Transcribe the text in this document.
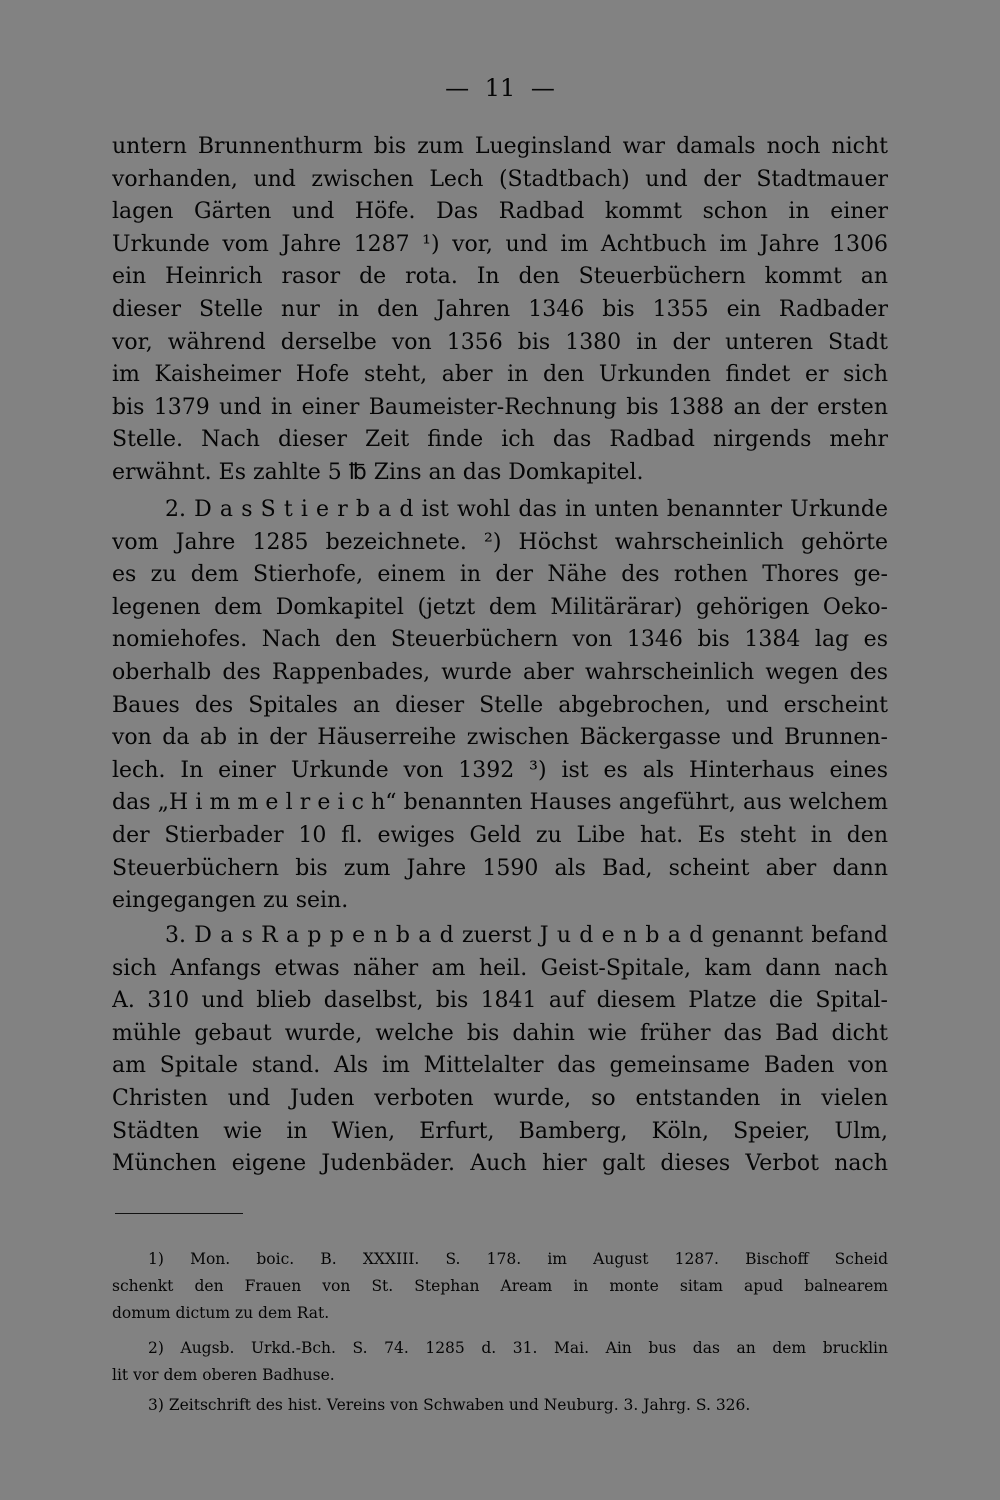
— 11 —
untern Brunnenthurm bis zum Lueginsland war damals noch nicht
vorhanden, und zwischen Lech (Stadtbach) und der Stadtmauer
lagen Gärten und Höfe. Das Radbad kommt schon in einer
Urkunde vom Jahre 1287 ¹) vor, und im Achtbuch im Jahre 1306
ein Heinrich rasor de rota. In den Steuerbüchern kommt an
dieser Stelle nur in den Jahren 1346 bis 1355 ein Radbader
vor, während derselbe von 1356 bis 1380 in der unteren Stadt
im Kaisheimer Hofe steht, aber in den Urkunden findet er sich
bis 1379 und in einer Baumeister-Rechnung bis 1388 an der ersten
Stelle. Nach dieser Zeit finde ich das Radbad nirgends mehr
erwähnt. Es zahlte 5 ℔ Zins an das Domkapitel.
2. D a s S t i e r b a d ist wohl das in unten benannter Urkunde
vom Jahre 1285 bezeichnete. ²) Höchst wahrscheinlich gehörte
es zu dem Stierhofe, einem in der Nähe des rothen Thores ge-
legenen dem Domkapitel (jetzt dem Militärärar) gehörigen Oeko-
nomiehofes. Nach den Steuerbüchern von 1346 bis 1384 lag es
oberhalb des Rappenbades, wurde aber wahrscheinlich wegen des
Baues des Spitales an dieser Stelle abgebrochen, und erscheint
von da ab in der Häuserreihe zwischen Bäckergasse und Brunnen-
lech. In einer Urkunde von 1392 ³) ist es als Hinterhaus eines
das „H i m m e l r e i c h“ benannten Hauses angeführt, aus welchem
der Stierbader 10 fl. ewiges Geld zu Libe hat. Es steht in den
Steuerbüchern bis zum Jahre 1590 als Bad, scheint aber dann
eingegangen zu sein.
3. D a s R a p p e n b a d zuerst J u d e n b a d genannt befand
sich Anfangs etwas näher am heil. Geist-Spitale, kam dann nach
A. 310 und blieb daselbst, bis 1841 auf diesem Platze die Spital-
mühle gebaut wurde, welche bis dahin wie früher das Bad dicht
am Spitale stand. Als im Mittelalter das gemeinsame Baden von
Christen und Juden verboten wurde, so entstanden in vielen
Städten wie in Wien, Erfurt, Bamberg, Köln, Speier, Ulm,
München eigene Judenbäder. Auch hier galt dieses Verbot nach
1) Mon. boic. B. XXXIII. S. 178. im August 1287. Bischoff Scheid
schenkt den Frauen von St. Stephan Aream in monte sitam apud balnearem
domum dictum zu dem Rat.
2) Augsb. Urkd.-Bch. S. 74. 1285 d. 31. Mai. Ain bus das an dem brucklin
lit vor dem oberen Badhuse.
3) Zeitschrift des hist. Vereins von Schwaben und Neuburg. 3. Jahrg. S. 326.
